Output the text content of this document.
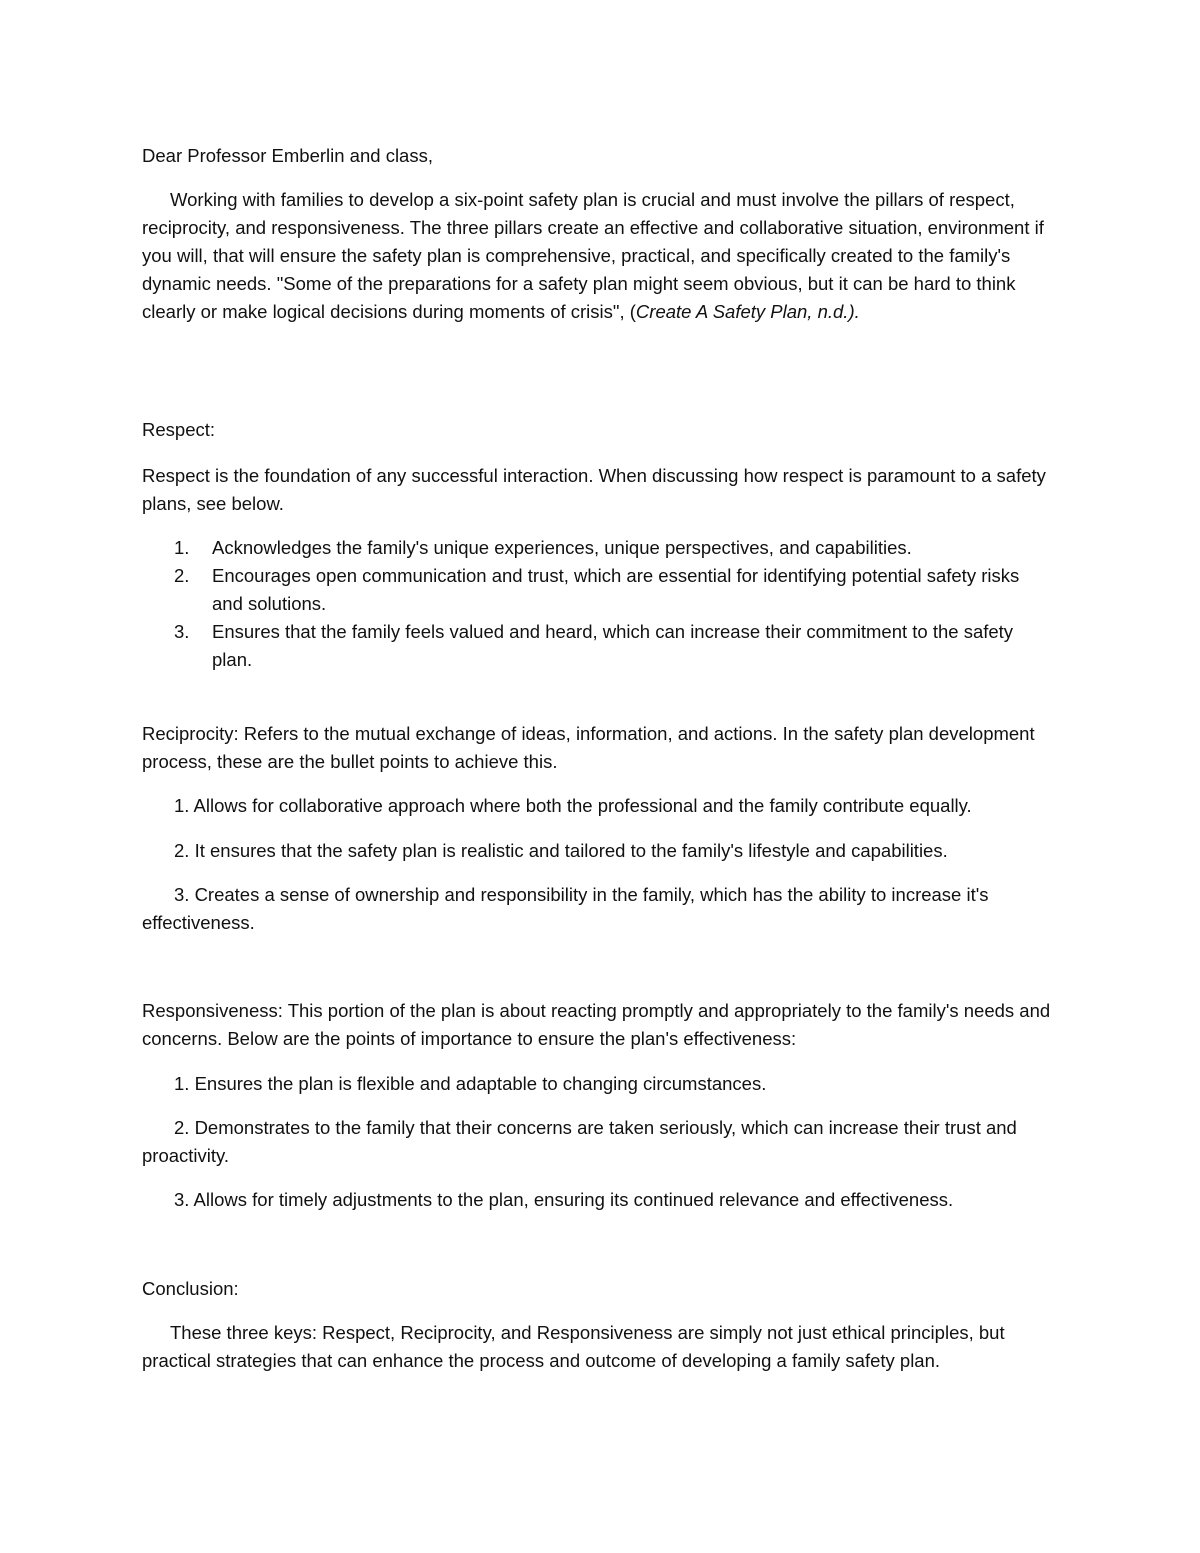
Dear Professor Emberlin and class,

Working with families to develop a six-point safety plan is crucial and must involve the pillars of respect, reciprocity, and responsiveness. The three pillars create an effective and collaborative situation, environment if you will, that will ensure the safety plan is comprehensive, practical, and specifically created to the family's dynamic needs. "Some of the preparations for a safety plan might seem obvious, but it can be hard to think clearly or make logical decisions during moments of crisis", (Create A Safety Plan, n.d.).

Respect:

Respect is the foundation of any successful interaction. When discussing how respect is paramount to a safety plans, see below.

1. Acknowledges the family's unique experiences, unique perspectives, and capabilities.
2. Encourages open communication and trust, which are essential for identifying potential safety risks and solutions.
3. Ensures that the family feels valued and heard, which can increase their commitment to the safety plan.

Reciprocity: Refers to the mutual exchange of ideas, information, and actions. In the safety plan development process, these are the bullet points to achieve this.

1. Allows for collaborative approach where both the professional and the family contribute equally.

2. It ensures that the safety plan is realistic and tailored to the family's lifestyle and capabilities.

3. Creates a sense of ownership and responsibility in the family, which has the ability to increase it's effectiveness.

Responsiveness: This portion of the plan is about reacting promptly and appropriately to the family's needs and concerns. Below are the points of importance to ensure the plan's effectiveness:

1. Ensures the plan is flexible and adaptable to changing circumstances.

2. Demonstrates to the family that their concerns are taken seriously, which can increase their trust and proactivity.

3. Allows for timely adjustments to the plan, ensuring its continued relevance and effectiveness.

Conclusion:

These three keys: Respect, Reciprocity, and Responsiveness are simply not just ethical principles, but practical strategies that can enhance the process and outcome of developing a family safety plan.
